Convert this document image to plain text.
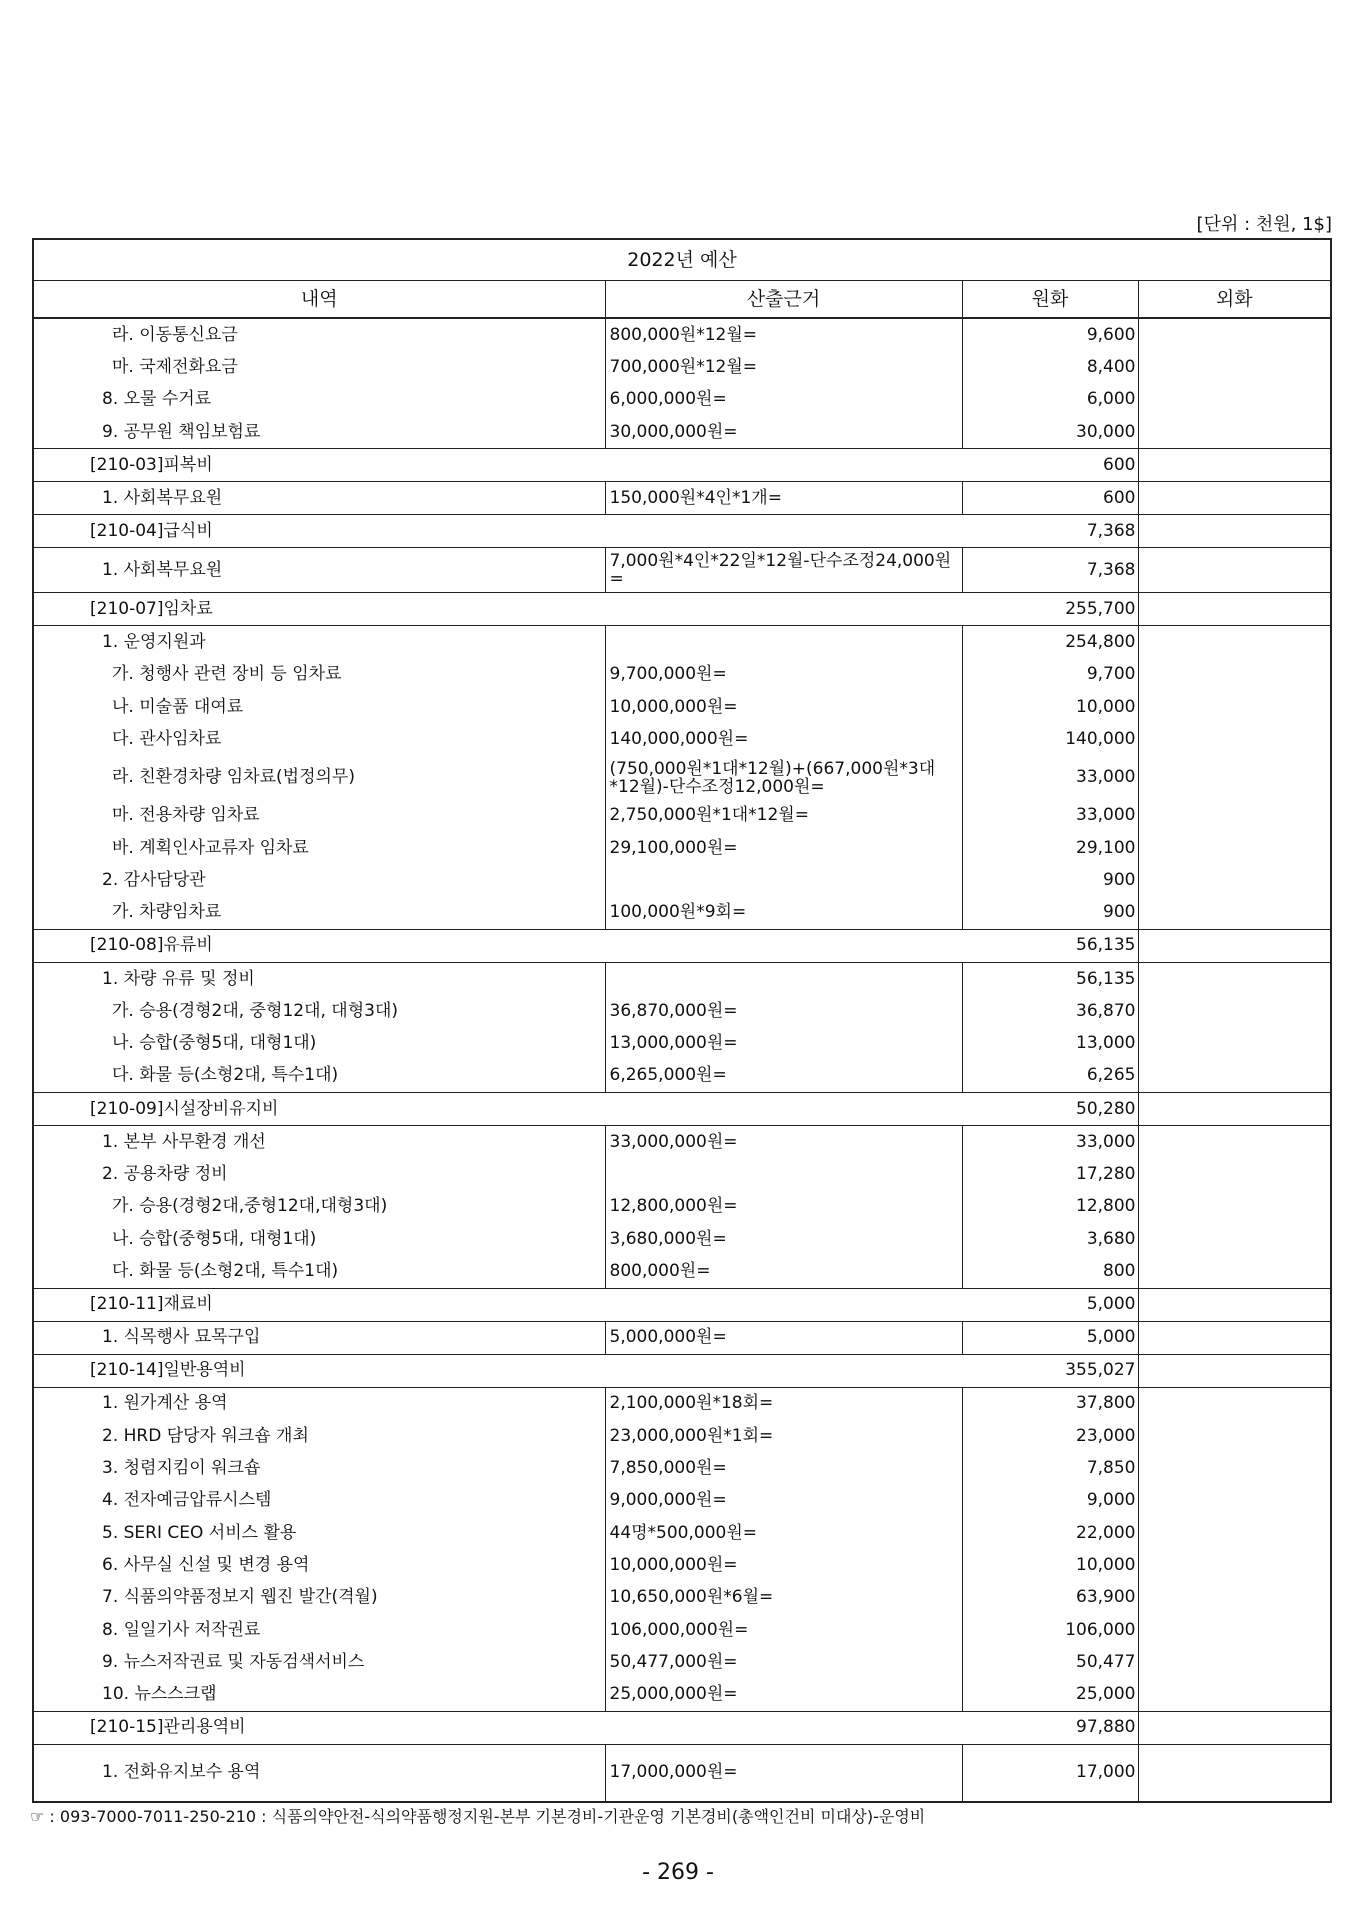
[단위 : 천원, 1$]
2022년 예산			
내역	산출근거	원화	외화
라. 이동통신요금	800,000원*12월=	9,600	
마. 국제전화요금	700,000원*12월=	8,400	
8. 오물 수거료	6,000,000원=	6,000	
9. 공무원 책임보험료	30,000,000원=	30,000	
[210-03]피복비		600	
1. 사회복무요원	150,000원*4인*1개=	600	
[210-04]급식비		7,368	
1. 사회복무요원	7,000원*4인*22일*12월-단수조정24,000원=	7,368	
[210-07]임차료		255,700	
1. 운영지원과		254,800	
가. 청행사 관련 장비 등 임차료	9,700,000원=	9,700	
나. 미술품 대여료	10,000,000원=	10,000	
다. 관사임차료	140,000,000원=	140,000	
라. 친환경차량 임차료(법정의무)	(750,000원*1대*12월)+(667,000원*3대*12월)-단수조정12,000원=	33,000	
마. 전용차량 임차료	2,750,000원*1대*12월=	33,000	
바. 계획인사교류자 임차료	29,100,000원=	29,100	
2. 감사담당관		900	
가. 차량임차료	100,000원*9회=	900	
[210-08]유류비		56,135	
1. 차량 유류 및 정비		56,135	
가. 승용(경형2대, 중형12대, 대형3대)	36,870,000원=	36,870	
나. 승합(중형5대, 대형1대)	13,000,000원=	13,000	
다. 화물 등(소형2대, 특수1대)	6,265,000원=	6,265	
[210-09]시설장비유지비		50,280	
1. 본부 사무환경 개선	33,000,000원=	33,000	
2. 공용차량 정비		17,280	
가. 승용(경형2대,중형12대,대형3대)	12,800,000원=	12,800	
나. 승합(중형5대, 대형1대)	3,680,000원=	3,680	
다. 화물 등(소형2대, 특수1대)	800,000원=	800	
[210-11]재료비		5,000	
1. 식목행사 묘목구입	5,000,000원=	5,000	
[210-14]일반용역비		355,027	
1. 원가계산 용역	2,100,000원*18회=	37,800	
2. HRD 담당자 워크숍 개최	23,000,000원*1회=	23,000	
3. 청렴지킴이 워크숍	7,850,000원=	7,850	
4. 전자예금압류시스템	9,000,000원=	9,000	
5. SERI CEO 서비스 활용	44명*500,000원=	22,000	
6. 사무실 신설 및 변경 용역	10,000,000원=	10,000	
7. 식품의약품정보지 웹진 발간(격월)	10,650,000원*6월=	63,900	
8. 일일기사 저작권료	106,000,000원=	106,000	
9. 뉴스저작권료 및 자동검색서비스	50,477,000원=	50,477	
10. 뉴스스크랩	25,000,000원=	25,000	
[210-15]관리용역비		97,880	
1. 전화유지보수 용역	17,000,000원=	17,000	
☞ : 093-7000-7011-250-210 : 식품의약안전-식의약품행정지원-본부 기본경비-기관운영 기본경비(총액인건비 미대상)-운영비
- 269 -
